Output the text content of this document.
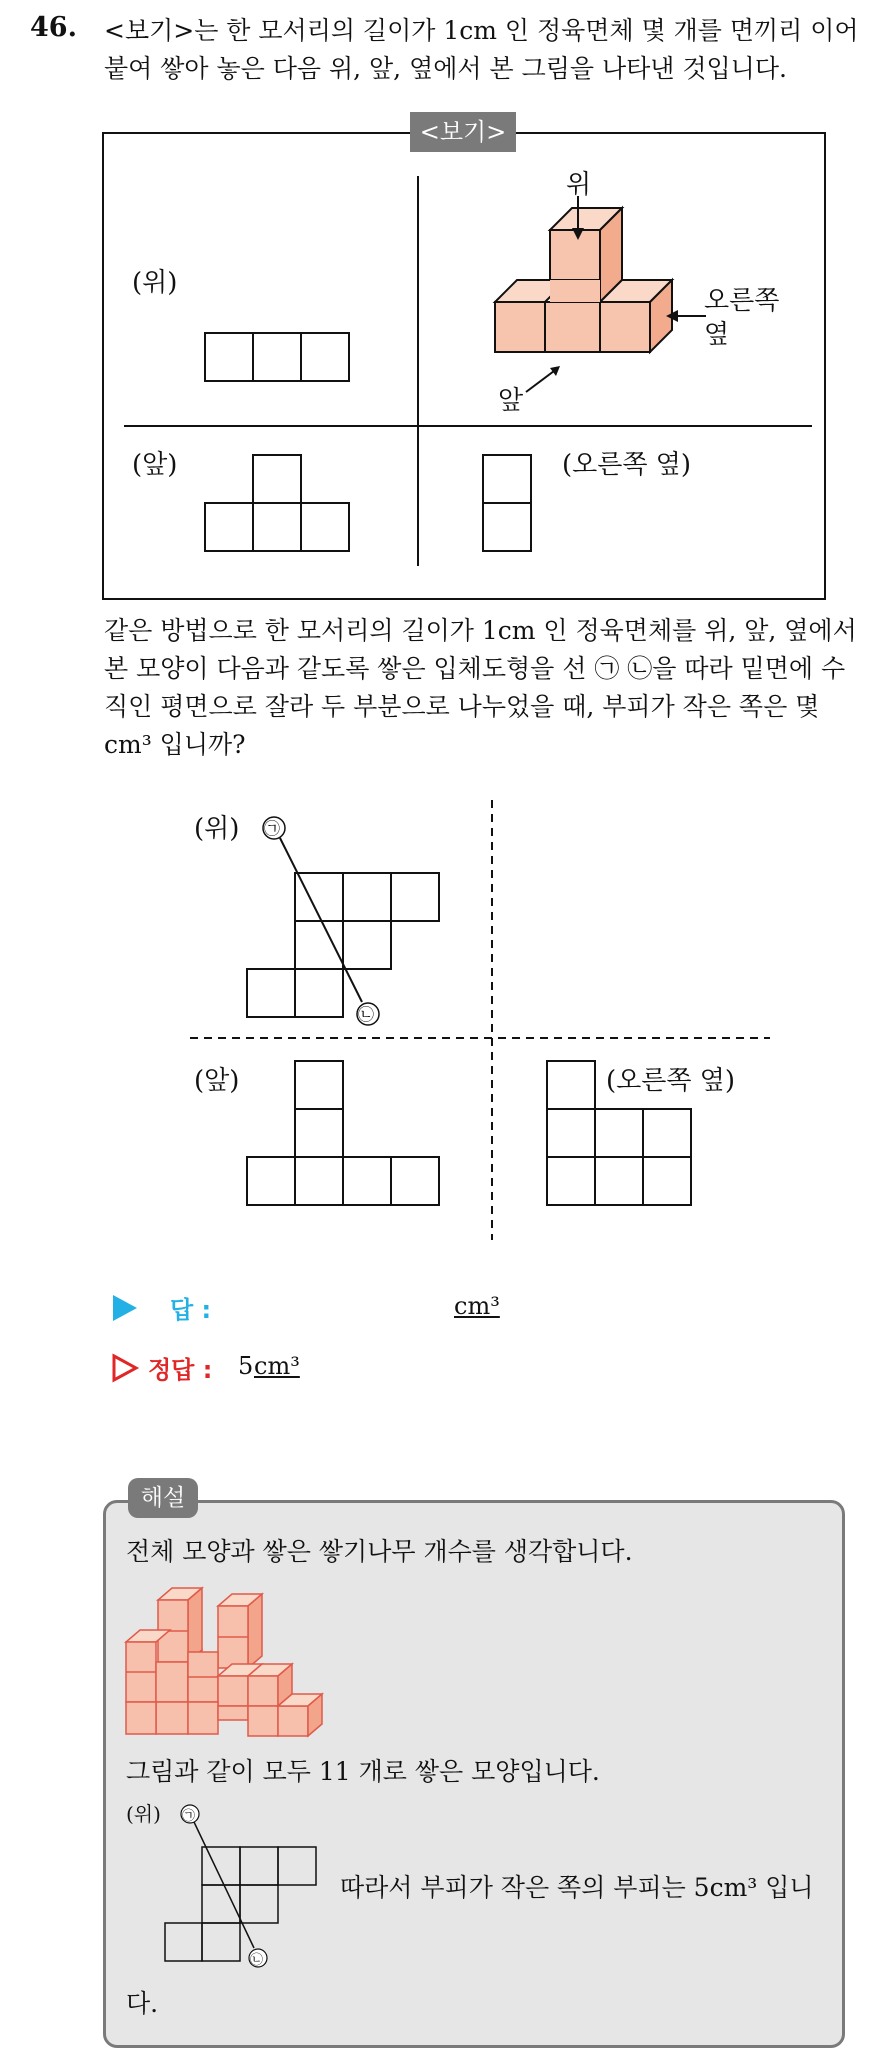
46. <보기>는 한 모서리의 길이가 1cm 인 정육면체 몇 개를 면끼리 이어 붙여 쌓아 놓은 다음 위, 앞, 옆에서 본 그림을 나타낸 것입니다.
<보기>
(위)
위
오른쪽 옆
앞
(앞)	(오른쪽 옆)
같은 방법으로 한 모서리의 길이가 1cm 인 정육면체를 위, 앞, 옆에서 본 모양이 다음과 같도록 쌓은 입체도형을 선 ㉠ ㉡을 따라 밑면에 수직인 평면으로 잘라 두 부분으로 나누었을 때, 부피가 작은 쪽은 몇 cm³ 입니까?
(위) ㉠
㉡
(앞)	(오른쪽 옆)
답 :	cm³
정답 : 5 cm³
해설
전체 모양과 쌓은 쌓기나무 개수를 생각합니다.
그림과 같이 모두 11 개로 쌓은 모양입니다.
(위) ㉠
㉡
따라서 부피가 작은 쪽의 부피는 5cm³ 입니
다.
